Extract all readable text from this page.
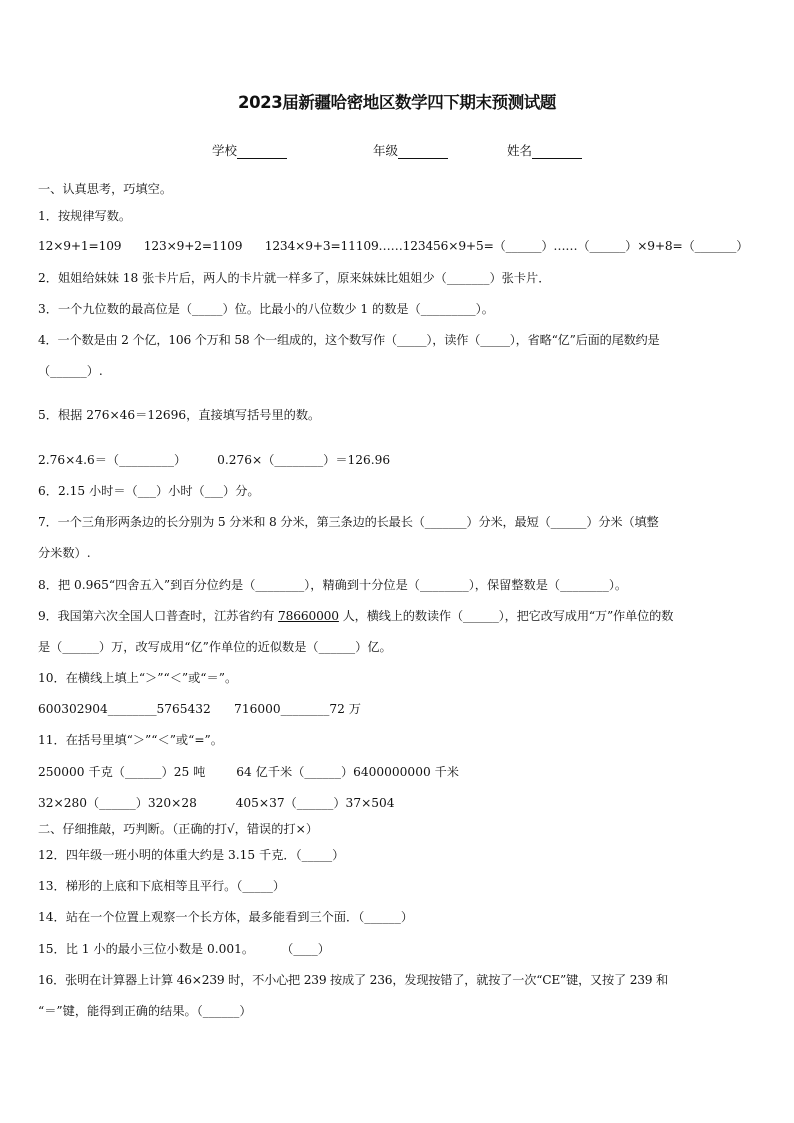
2023届新疆哈密地区数学四下期末预测试题
学校	年级	姓名
一、认真思考，巧填空。
1．按规律写数。
12×9+1=109      123×9+2=1109      1234×9+3=11109……123456×9+5=（______）……（______）×9+8=（_______）
2．姐姐给妹妹 18 张卡片后，两人的卡片就一样多了，原来妹妹比姐姐少（_______）张卡片．
3．一个九位数的最高位是（_____）位。比最小的八位数少 1 的数是（_________）。
4．一个数是由 2 个亿，106 个万和 58 个一组成的，这个数写作（_____），读作（_____），省略“亿”后面的尾数约是
（______）.
5．根据 276×46＝12696，直接填写括号里的数。
2.76×4.6＝（_________）        0.276×（________）＝126.96
6．2.15 小时＝（___）小时（___）分。
7．一个三角形两条边的长分别为 5 分米和 8 分米，第三条边的长最长（_______）分米，最短（______）分米（填整
分米数）.
8．把 0.965“四舍五入”到百分位约是（________），精确到十分位是（________），保留整数是（________）。
9．我国第六次全国人口普查时，江苏省约有 78660000 人，横线上的数读作（______），把它改写成用“万”作单位的数
是（______）万，改写成用“亿”作单位的近似数是（______）亿。
10．在横线上填上“＞”“＜”或“＝”。
600302904________5765432      716000________72 万
11．在括号里填“＞”“＜”或“=”。
250000 千克（______）25 吨        64 亿千米（______）6400000000 千米
32×280（______）320×28          405×37（______）37×504
二、仔细推敲，巧判断。（正确的打√，错误的打×）
12．四年级一班小明的体重大约是 3.15 千克．（_____）
13．梯形的上底和下底相等且平行。（_____）
14．站在一个位置上观察一个长方体，最多能看到三个面．（______）
15．比 1 小的最小三位小数是 0.001。       （____）
16．张明在计算器上计算 46×239 时，不小心把 239 按成了 236，发现按错了，就按了一次“CE”键，又按了 239 和
“＝”键，能得到正确的结果。（______）
